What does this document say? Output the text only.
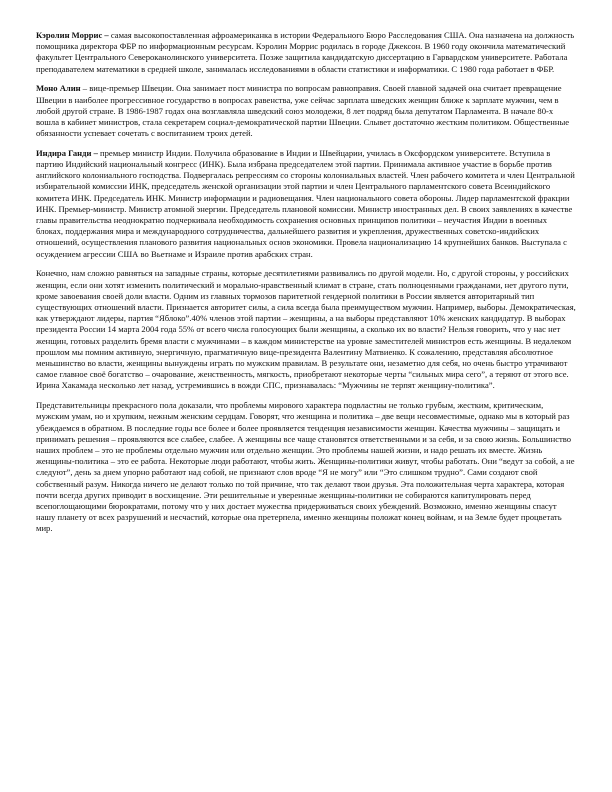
Кэролин Моррис – самая высокопоставленная афроамериканка в истории Федерального Бюро Расследования США. Она назначена на должность помощника директора ФБР по информационным ресурсам. Кэролин Моррис родилась в городе Джексон. В 1960 году окончила математический факультет Центрального Североканолинского университета. Позже защитила кандидатскую диссертацию в Гарвардском университете. Работала преподавателем математики в средней школе, занималась исследованиями в области статистики и информатики. С 1980 года работает в ФБР.

Моно Алин – вице-премьер Швеции. Она занимает пост министра по вопросам равноправия. Своей главной задачей она считает превращение Швеции в наиболее прогрессивное государство в вопросах равенства, уже сейчас зарплата шведских женщин ближе к зарплате мужчин, чем в любой другой стране. В 1986-1987 годах она возглавляла шведский союз молодежи, 8 лет подряд была депутатом Парламента. В начале 80-х вошла в кабинет министров, стала секретарем социал-демократической партии Швеции. Слывет достаточно жестким политиком. Общественные обязанности успевает сочетать с воспитанием троих детей.

Индира Ганди – премьер министр Индии. Получила образование в Индии и Швейцарии, училась в Оксфордском университете. Вступила в партию Индийский национальный конгресс (ИНК). Была избрана председателем этой партии. Принимала активное участие в борьбе против английского колониального господства. Подвергалась репрессиям со стороны колониальных властей. Член рабочего комитета и член Центральной избирательной комиссии ИНК, председатель женской организации этой партии и член Центрального парламентского совета Всеиндийского комитета ИНК. Председатель ИНК. Министр информации и радиовещания. Член национального совета обороны. Лидер парламентской фракции ИНК. Премьер-министр. Министр атомной энергии. Председатель плановой комиссии. Министр иностранных дел. В своих заявлениях в качестве главы правительства неоднократно подчеркивала необходимость сохранения основных принципов политики – неучастия Индии в военных блоках, поддержания мира и международного сотрудничества, дальнейшего развития и укрепления, дружественных советско-индийских отношений, осуществления планового развития национальных основ экономики. Провела национализацию 14 крупнейших банков. Выступала с осуждением агрессии США во Вьетнаме и Израиле против арабских стран.

Конечно, нам сложно равняться на западные страны, которые десятилетиями развивались по другой модели. Но, с другой стороны, у российских женщин, если они хотят изменить политический и морально-нравственный климат в стране, стать полноценными гражданами, нет другого пути, кроме завоевания своей доли власти. Одним из главных тормозов паритетной гендерной политики в России является авторитарный тип существующих отношений власти. Признается авторитет силы, а сила всегда была преимуществом мужчин. Например, выборы. Демократическая, как утверждают лидеры, партия “Яблоко”.40% членов этой партии – женщины, а на выборы представляют 10% женских кандидатур. В выборах президента России 14 марта 2004 года 55% от всего числа голосующих были женщины, а сколько их во власти? Нельзя говорить, что у нас нет женщин, готовых разделить бремя власти с мужчинами – в каждом министерстве на уровне заместителей министров есть женщины. В недалеком прошлом мы помним активную, энергичную, прагматичную вице-президента Валентину Матвиенко. К сожалению, представляя абсолютное меньшинство во власти, женщины вынуждены играть по мужским правилам. В результате они, незаметно для себя, но очень быстро утрачивают самое главное своё богатство – очарование, женственность, мягкость, приобретают некоторые черты “сильных мира сего”, а теряют от этого все. Ирина Хакамада несколько лет назад, устремившись в вожди СПС, признавалась: “Мужчины не терпят женщину-политика”.

Представительницы прекрасного пола доказали, что проблемы мирового характера подвластны не только грубым, жестким, критическим, мужским умам, но и хрупким, нежным женским сердцам. Говорят, что женщина и политика – две вещи несовместимые, однако мы в который раз убеждаемся в обратном. В последние годы все более и более проявляется тенденция независимости женщин. Качества мужчины – защищать и принимать решения – проявляются все слабее, слабее. А женщины все чаще становятся ответственными и за себя, и за свою жизнь. Большинство наших проблем – это не проблемы отдельно мужчин или отдельно женщин. Это проблемы нашей жизни, и надо решать их вместе. Жизнь женщины-политика – это ее работа. Некоторые люди работают, чтобы жить. Женщины-политики живут, чтобы работать. Они “ведут за собой, а не следуют”, день за днем упорно работают над собой, не признают слов вроде “Я не могу” или “Это слишком трудно”. Сами создают свой собственный разум. Никогда ничего не делают только по той причине, что так делают твои друзья. Эта положительная черта характера, которая почти всегда других приводит в восхищение. Эти решительные и уверенные женщины-политики не собираются капитулировать перед всепоглощающими бюрократами, потому что у них достает мужества придерживаться своих убеждений. Возможно, именно женщины спасут нашу планету от всех разрушений и несчастий, которые она претерпела, именно женщины положат конец войнам, и на Земле будет процветать мир.
